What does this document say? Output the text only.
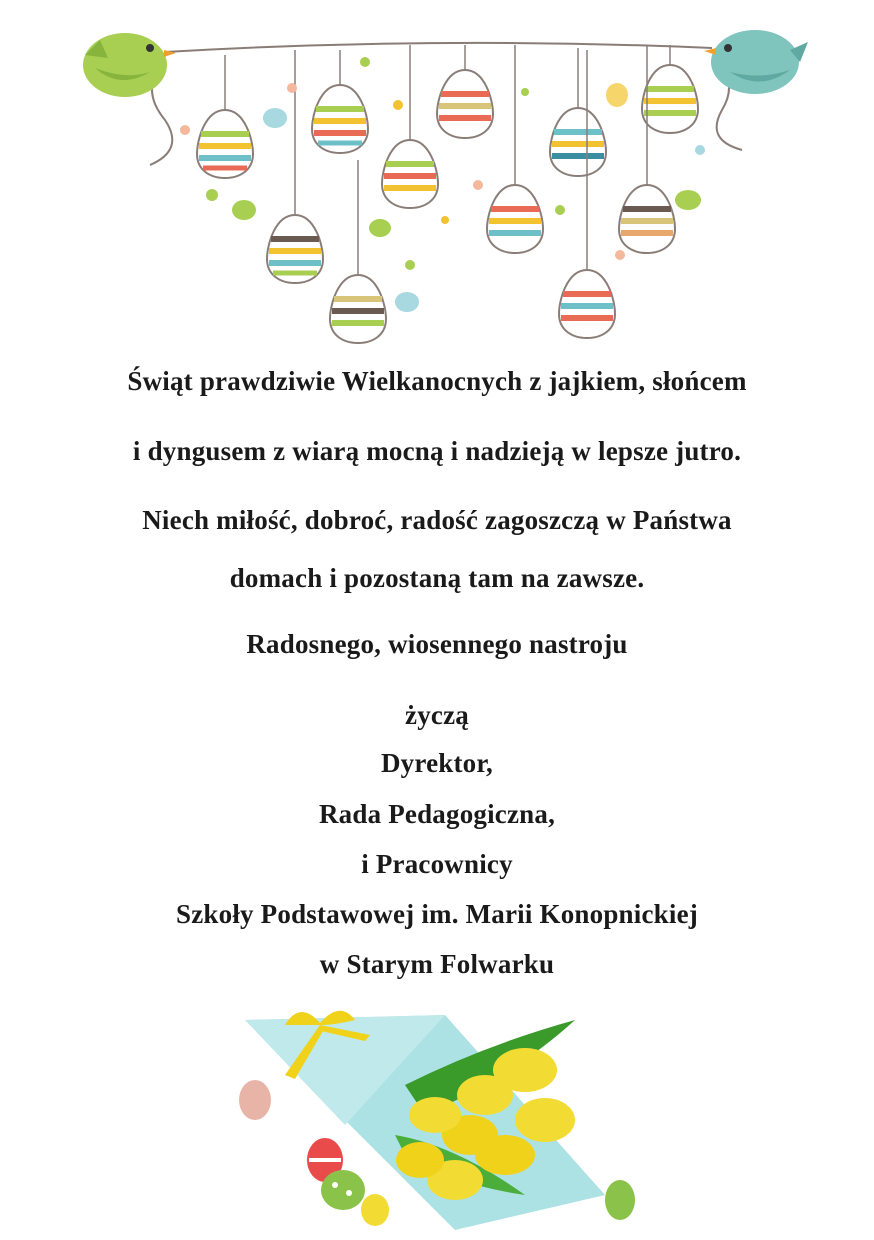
Świąt prawdziwie Wielkanocnych z jajkiem, słońcem

i dyngusem z wiarą mocną i nadzieją w lepsze jutro.

Niech miłość, dobroć, radość zagoszczą w Państwa

domach i pozostaną tam na zawsze.

Radosnego, wiosennego nastroju

życzą

Dyrektor,

Rada Pedagogiczna,

i Pracownicy

Szkoły Podstawowej im. Marii Konopnickiej

w Starym Folwarku
